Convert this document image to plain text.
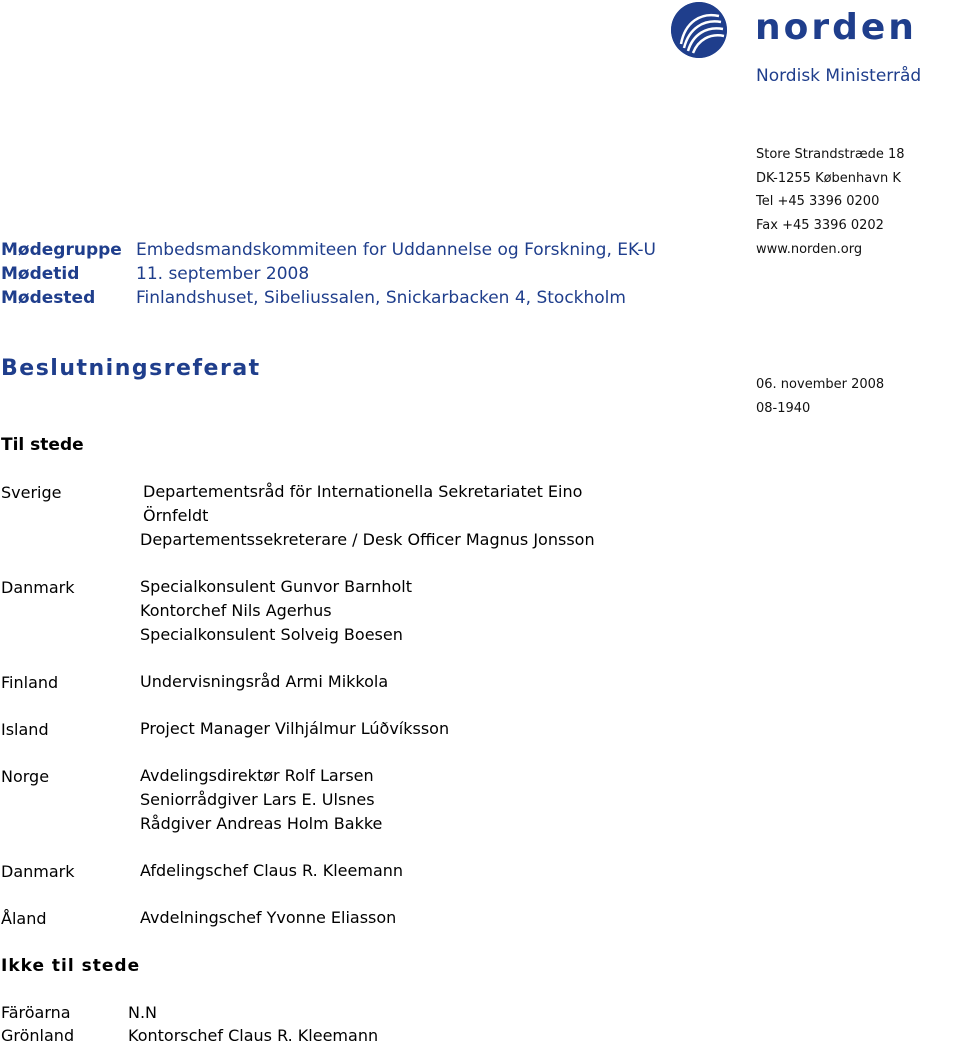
norden
Nordisk Ministerråd
Store Strandstræde 18
DK-1255 København K
Tel +45 3396 0200
Fax +45 3396 0202
www.norden.org
Mødegruppe Embedsmandskommiteen for Uddannelse og Forskning, EK-U
Mødetid	11. september 2008
Mødested Finlandshuset, Sibeliussalen, Snickarbacken 4, Stockholm
Beslutningsreferat
06. november 2008
08-1940
Til stede
Sverige	Departementsråd för Internationella Sekretariatet Eino
Örnfeldt
Departementssekreterare / Desk Officer Magnus Jonsson
Danmark	Specialkonsulent Gunvor Barnholt
Kontorchef Nils Agerhus
Specialkonsulent Solveig Boesen
Finland	Undervisningsråd Armi Mikkola
Island	Project Manager Vilhjálmur Lúðvíksson
Norge	Avdelingsdirektør Rolf Larsen
Seniorrådgiver Lars E. Ulsnes
Rådgiver Andreas Holm Bakke
Danmark	Afdelingschef Claus R. Kleemann
Åland	Avdelningschef Yvonne Eliasson
Ikke til stede
Färöarna	N.N
Grönland	Kontorschef Claus R. Kleemann
